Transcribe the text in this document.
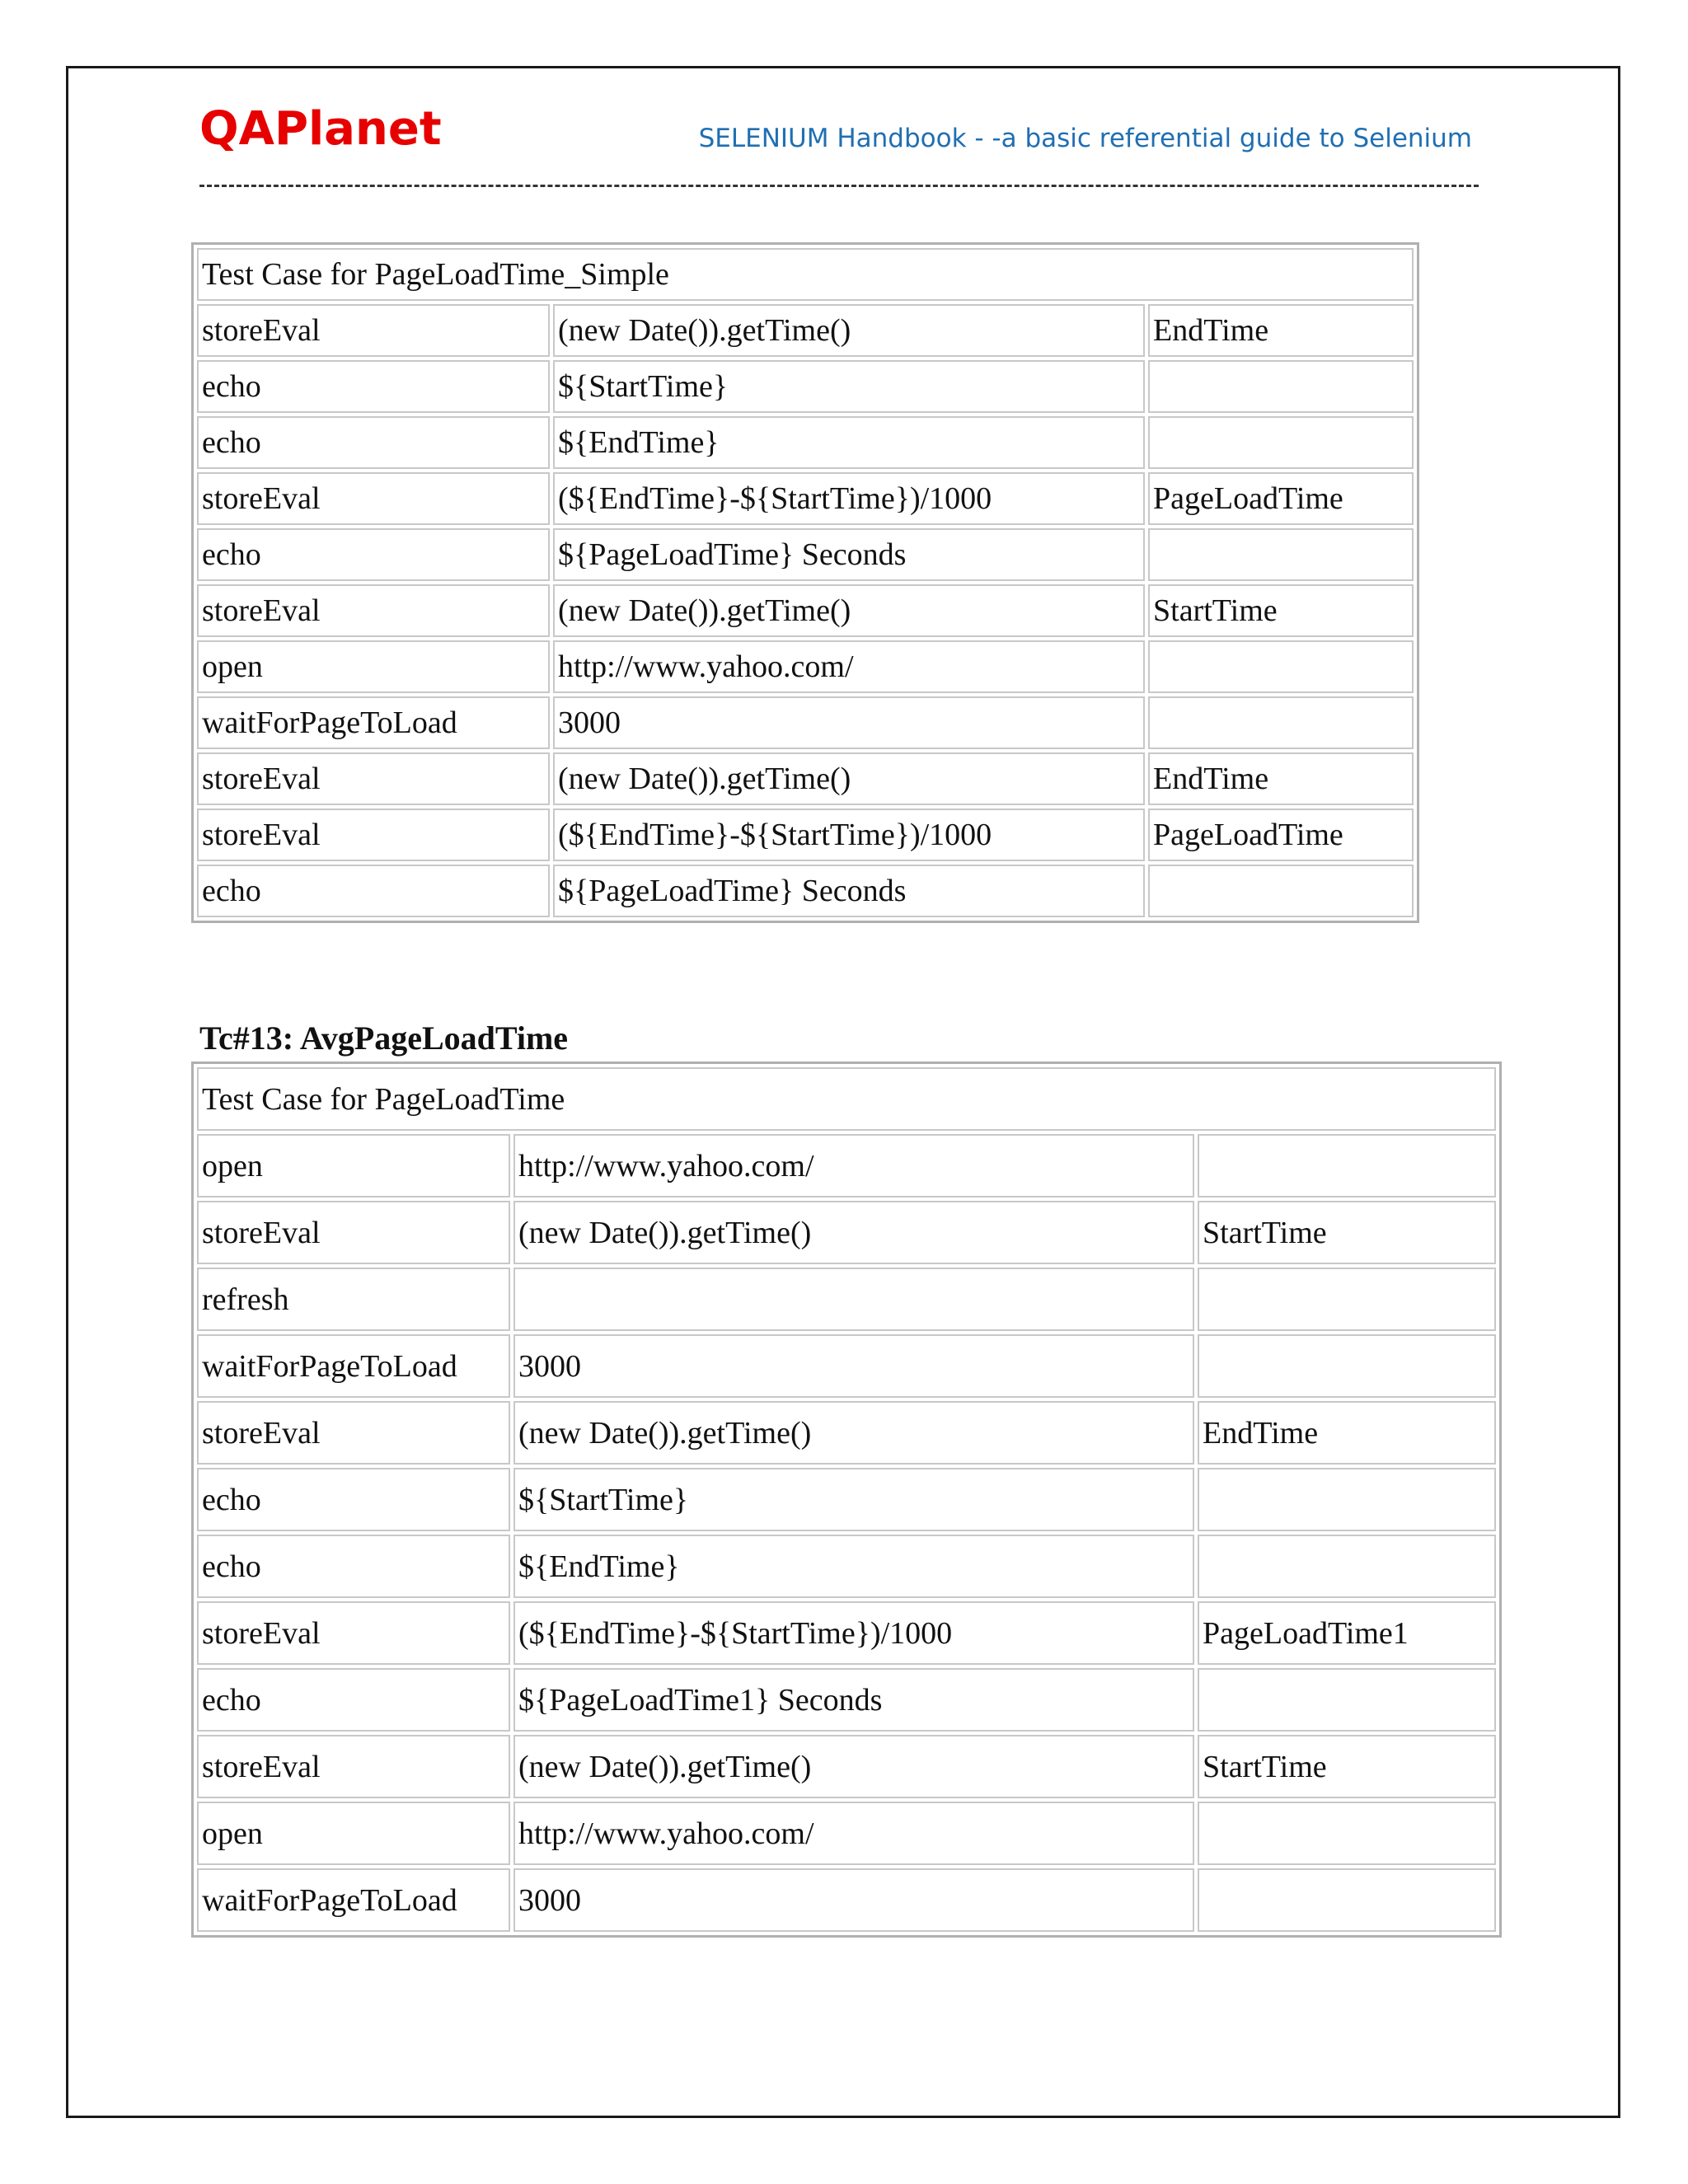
QAPlanet	SELENIUM Handbook - -a basic referential guide to Selenium
Test Case for PageLoadTime_Simple		
storeEval	(new Date()).getTime()	EndTime
echo	${StartTime}	
echo	${EndTime}	
storeEval	(${EndTime}-${StartTime})/1000	PageLoadTime
echo	${PageLoadTime} Seconds	
storeEval	(new Date()).getTime()	StartTime
open	http://www.yahoo.com/	
waitForPageToLoad	3000	
storeEval	(new Date()).getTime()	EndTime
storeEval	(${EndTime}-${StartTime})/1000	PageLoadTime
echo	${PageLoadTime} Seconds	
Tc#13: AvgPageLoadTime
Test Case for PageLoadTime		
open	http://www.yahoo.com/	
storeEval	(new Date()).getTime()	StartTime
refresh		
waitForPageToLoad	3000	
storeEval	(new Date()).getTime()	EndTime
echo	${StartTime}	
echo	${EndTime}	
storeEval	(${EndTime}-${StartTime})/1000	PageLoadTime1
echo	${PageLoadTime1} Seconds	
storeEval	(new Date()).getTime()	StartTime
open	http://www.yahoo.com/	
waitForPageToLoad	3000	
